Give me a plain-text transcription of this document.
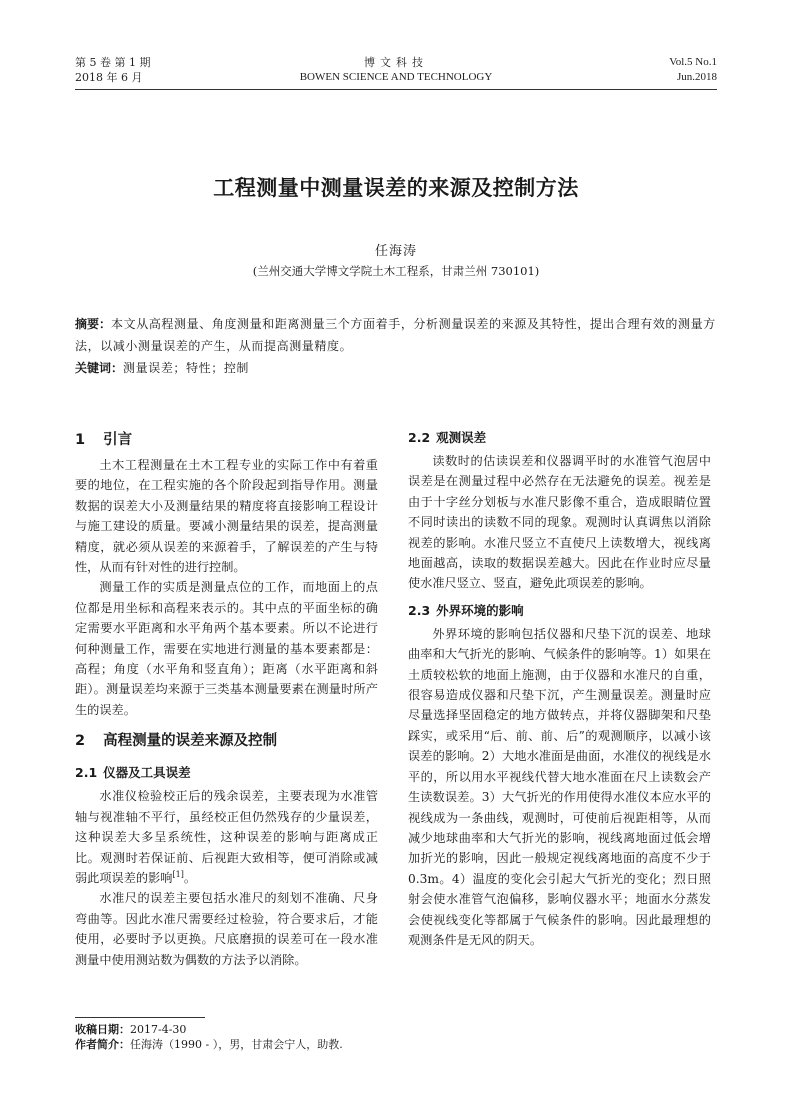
第 5 卷 第 1 期
2018 年 6 月
博文科技
BOWEN SCIENCE AND TECHNOLOGY
Vol.5 No.1
Jun.2018
工程测量中测量误差的来源及控制方法
任海涛
(兰州交通大学博文学院土木工程系，甘肃兰州 730101)
摘要：本文从高程测量、角度测量和距离测量三个方面着手，分析测量误差的来源及其特性，提出合理有效的测量方法，以减小测量误差的产生，从而提高测量精度。
关键词：测量误差；特性；控制
1 引言

土木工程测量在土木工程专业的实际工作中有着重要的地位，在工程实施的各个阶段起到指导作用。测量数据的误差大小及测量结果的精度将直接影响工程设计与施工建设的质量。要减小测量结果的误差，提高测量精度，就必须从误差的来源着手，了解误差的产生与特性，从而有针对性的进行控制。

测量工作的实质是测量点位的工作，而地面上的点位都是用坐标和高程来表示的。其中点的平面坐标的确定需要水平距离和水平角两个基本要素。所以不论进行何种测量工作，需要在实地进行测量的基本要素都是：高程；角度（水平角和竖直角）；距离（水平距离和斜距）。测量误差均来源于三类基本测量要素在测量时所产生的误差。

2 高程测量的误差来源及控制
2.1 仪器及工具误差

水准仪检验校正后的残余误差，主要表现为水准管轴与视准轴不平行，虽经校正但仍然残存的少量误差，这种误差大多呈系统性，这种误差的影响与距离成正比。观测时若保证前、后视距大致相等，便可消除或减弱此项误差的影响[1]。

水准尺的误差主要包括水准尺的刻划不准确、尺身弯曲等。因此水准尺需要经过检验，符合要求后，才能使用，必要时予以更换。尺底磨损的误差可在一段水准测量中使用测站数为偶数的方法予以消除。

2.2 观测误差

读数时的估读误差和仪器调平时的水准管气泡居中误差是在测量过程中必然存在无法避免的误差。视差是由于十字丝分划板与水准尺影像不重合，造成眼睛位置不同时读出的读数不同的现象。观测时认真调焦以消除视差的影响。水准尺竖立不直使尺上读数增大，视线离地面越高，读取的数据误差越大。因此在作业时应尽量使水准尺竖立、竖直，避免此项误差的影响。

2.3 外界环境的影响

外界环境的影响包括仪器和尺垫下沉的误差、地球曲率和大气折光的影响、气候条件的影响等。1）如果在土质较松软的地面上施测，由于仪器和水准尺的自重，很容易造成仪器和尺垫下沉，产生测量误差。测量时应尽量选择坚固稳定的地方做转点，并将仪器脚架和尺垫踩实，或采用“后、前、前、后”的观测顺序，以减小该误差的影响。2）大地水准面是曲面，水准仪的视线是水平的，所以用水平视线代替大地水准面在尺上读数会产生读数误差。3）大气折光的作用使得水准仪本应水平的视线成为一条曲线，观测时，可使前后视距相等，从而减少地球曲率和大气折光的影响，视线离地面过低会增加折光的影响，因此一般规定视线离地面的高度不少于0.3m。4）温度的变化会引起大气折光的变化；烈日照射会使水准管气泡偏移，影响仪器水平；地面水分蒸发会使视线变化等都属于气候条件的影响。因此最理想的观测条件是无风的阴天。

收稿日期：2017-4-30
作者简介：任海涛（1990 - ），男，甘肃会宁人，助教.
